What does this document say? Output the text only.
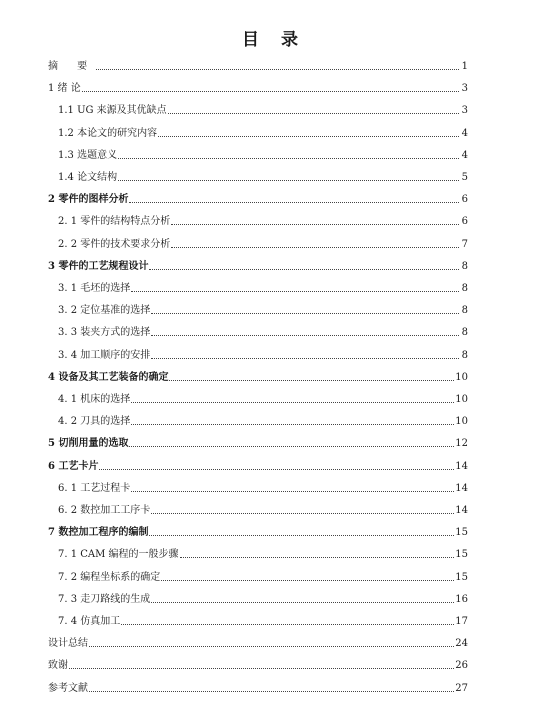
目 录
摘 要	1
1 绪 论	3
1.1 UG 来源及其优缺点	3
1.2 本论文的研究内容	4
1.3 选题意义	4
1.4 论文结构	5
2 零件的图样分析	6
2. 1 零件的结构特点分析	6
2. 2 零件的技术要求分析	7
3 零件的工艺规程设计	8
3. 1 毛坯的选择	8
3. 2 定位基准的选择	8
3. 3 装夹方式的选择	8
3. 4 加工顺序的安排	8
4 设备及其工艺装备的确定	10
4. 1 机床的选择	10
4. 2 刀具的选择	10
5 切削用量的选取	12
6 工艺卡片	14
6. 1 工艺过程卡	14
6. 2 数控加工工序卡	14
7 数控加工程序的编制	15
7. 1 CAM 编程的一般步骤	15
7. 2 编程坐标系的确定	15
7. 3 走刀路线的生成	16
7. 4 仿真加工	17
设计总结	24
致谢	26
参考文献	27
